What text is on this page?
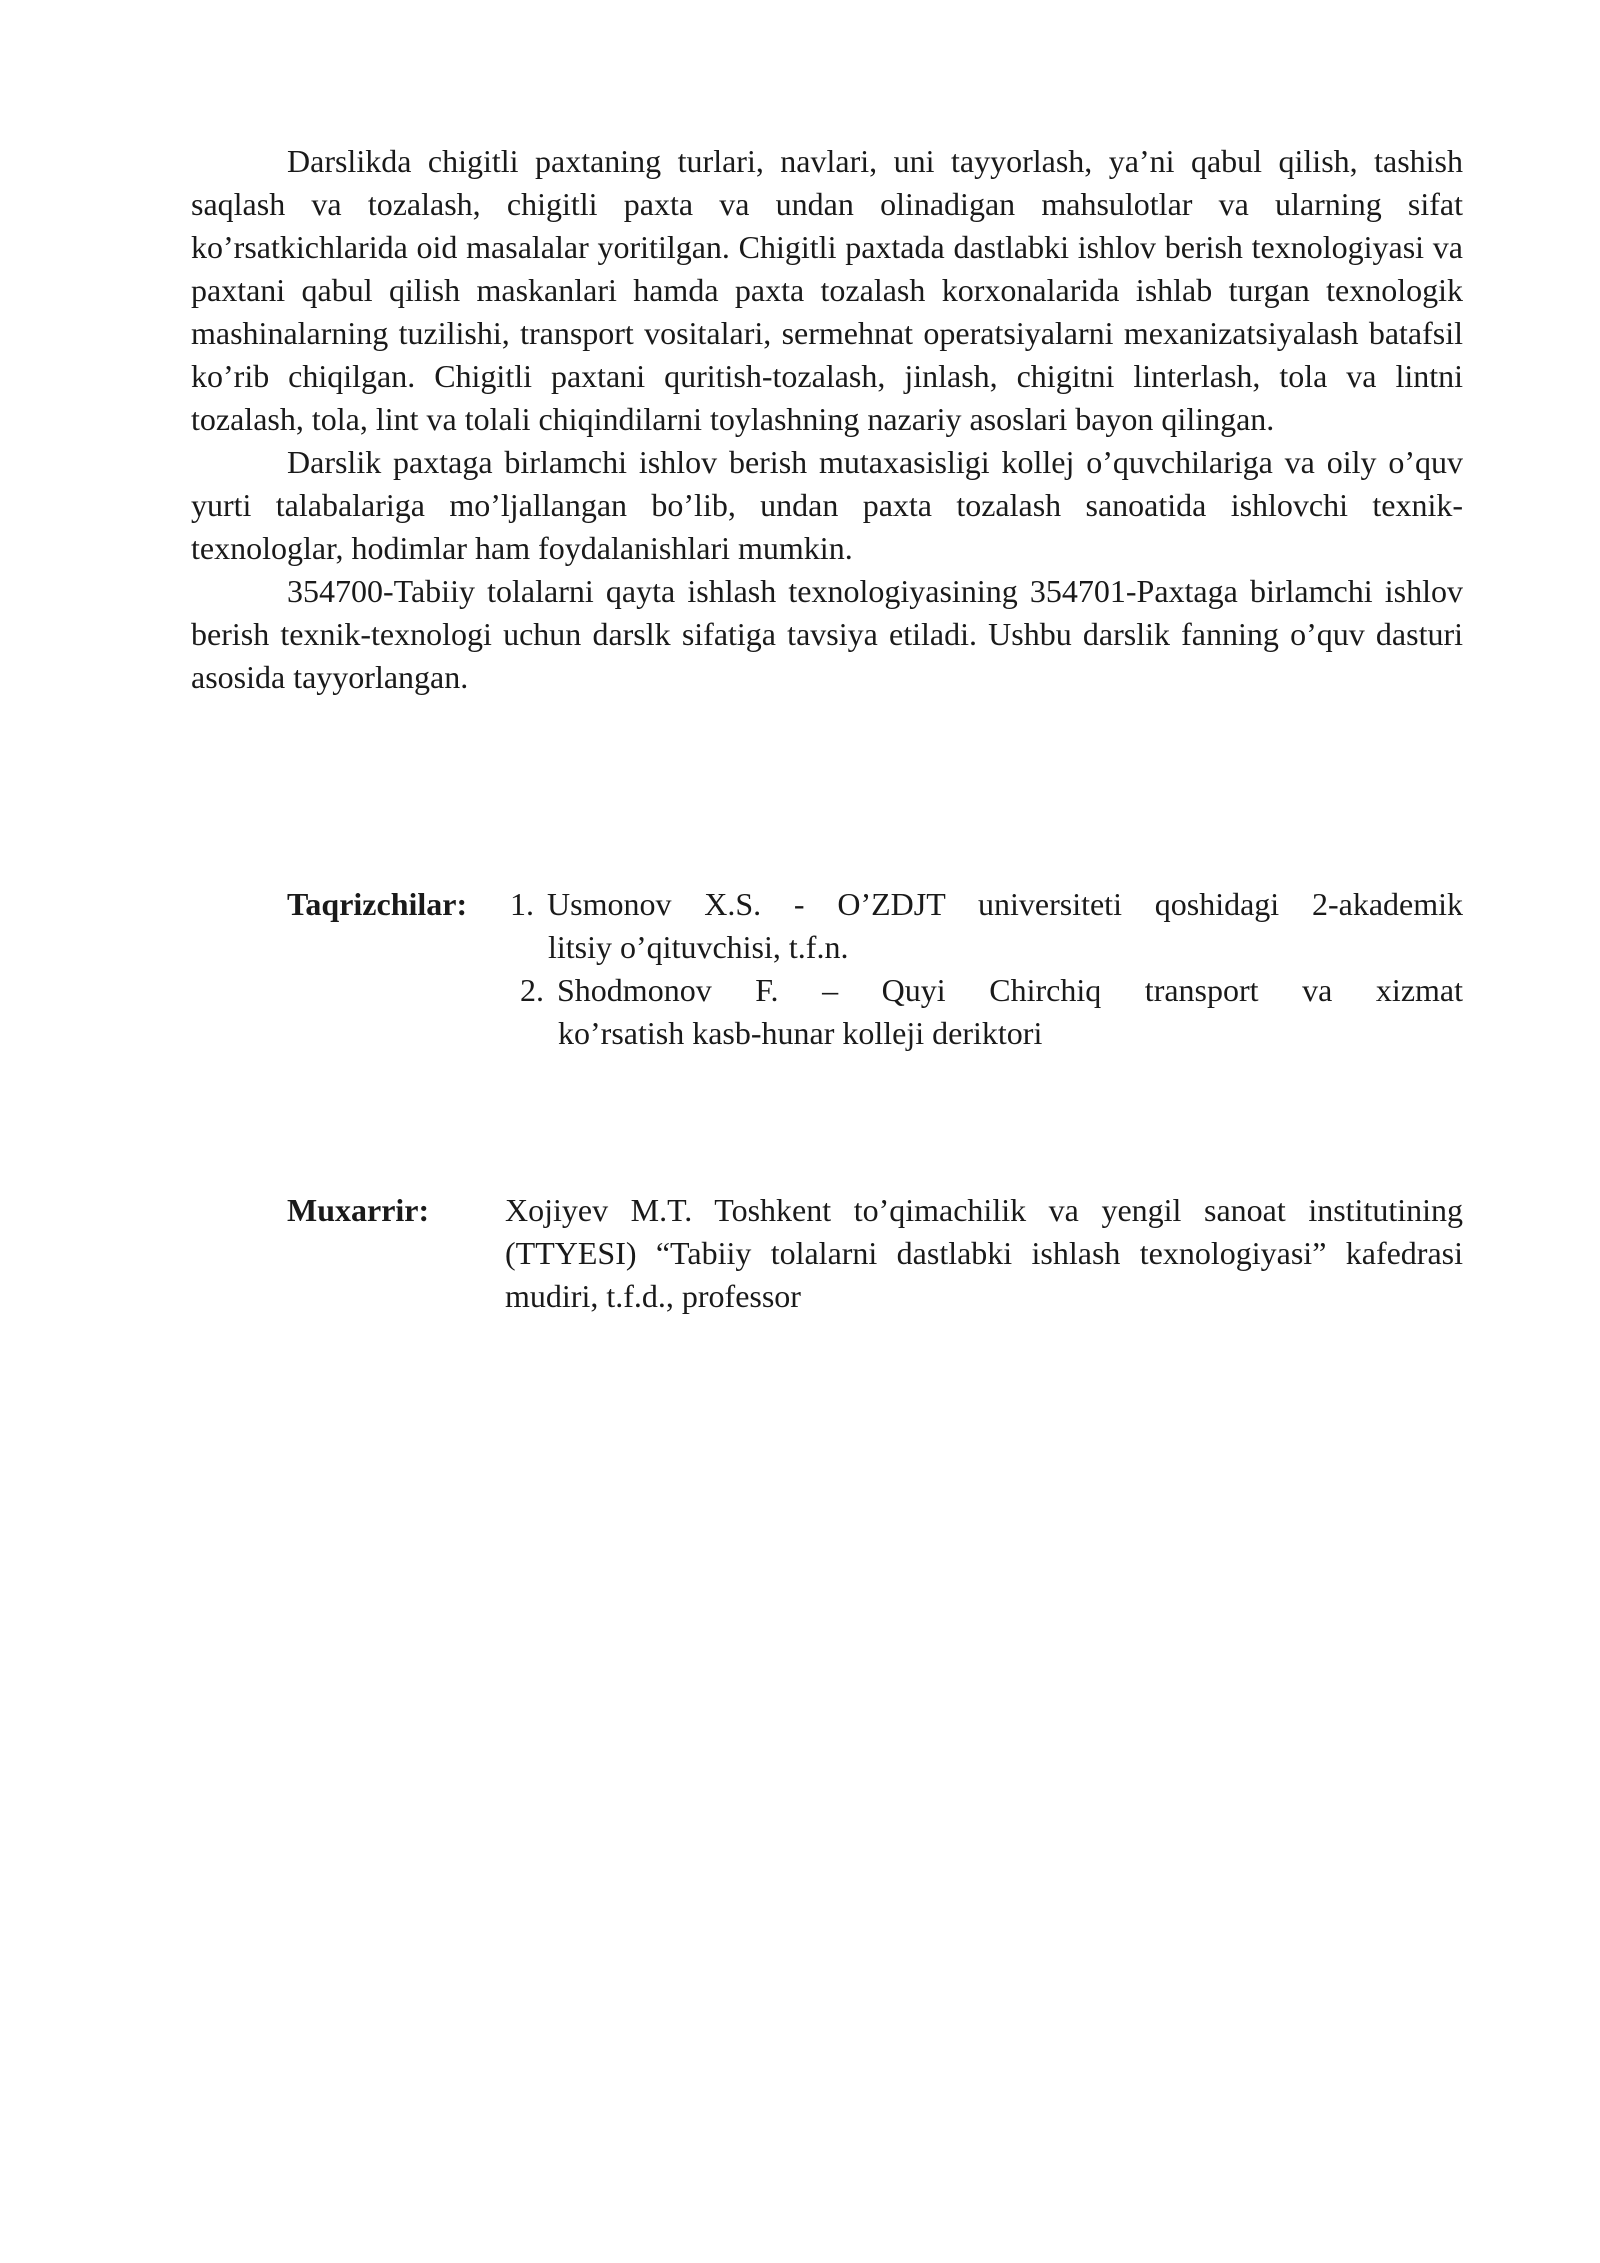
Darslikda chigitli paxtaning turlari, navlari, uni tayyorlash, ya’ni qabul qilish, tashish saqlash va tozalash, chigitli paxta va undan olinadigan mahsulotlar va ularning sifat ko’rsatkichlarida oid masalalar yoritilgan. Chigitli paxtada dastlabki ishlov berish texnologiyasi va paxtani qabul qilish maskanlari hamda paxta tozalash korxonalarida ishlab turgan texnologik mashinalarning tuzilishi, transport vositalari, sermehnat operatsiyalarni mexanizatsiyalash batafsil ko’rib chiqilgan. Chigitli paxtani quritish-tozalash, jinlash, chigitni linterlash, tola va lintni tozalash, tola, lint va tolali chiqindilarni toylashning nazariy asoslari bayon qilingan.

Darslik paxtaga birlamchi ishlov berish mutaxasisligi kollej o’quvchilariga va oily o’quv yurti talabalariga mo’ljallangan bo’lib, undan paxta tozalash sanoatida ishlovchi texnik-texnologlar, hodimlar ham foydalanishlari mumkin.

354700-Tabiiy tolalarni qayta ishlash texnologiyasining 354701-Paxtaga birlamchi ishlov berish texnik-texnologi uchun darslk sifatiga tavsiya etiladi. Ushbu darslik fanning o’quv dasturi asosida tayyorlangan.

Taqrizchilar: 1. Usmonov X.S. - O’ZDJT universiteti qoshidagi 2-akademik
litsiy o’qituvchisi, t.f.n.
2. Shodmonov F. – Quyi Chirchiq transport va xizmat
ko’rsatish kasb-hunar kolleji deriktori
Muxarrir: Xojiyev M.T. Toshkent to’qimachilik va yengil sanoat institutining (TTYESI) “Tabiiy tolalarni dastlabki ishlash texnologiyasi” kafedrasi mudiri, t.f.d., professor
